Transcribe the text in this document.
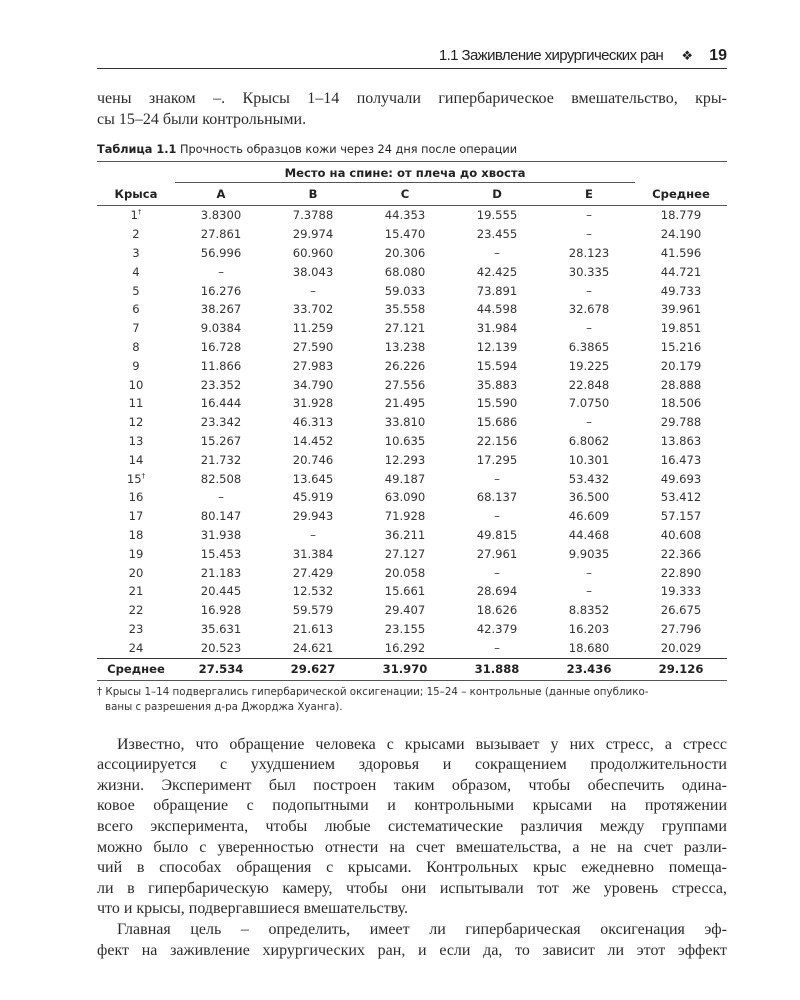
1.1 Заживление хирургических ран ❖ 19
чены знаком –. Крысы 1–14 получали гипербарическое вмешательство, кры-
сы 15–24 были контрольными.
Таблица 1.1 Прочность образцов кожи через 24 дня после операции
	Место на спине: от плеча до хвоста					
Крыса	A	B	C	D	E	Среднее
1†	3.8300	7.3788	44.353	19.555	–	18.779
2	27.861	29.974	15.470	23.455	–	24.190
3	56.996	60.960	20.306	–	28.123	41.596
4	–	38.043	68.080	42.425	30.335	44.721
5	16.276	–	59.033	73.891	–	49.733
6	38.267	33.702	35.558	44.598	32.678	39.961
7	9.0384	11.259	27.121	31.984	–	19.851
8	16.728	27.590	13.238	12.139	6.3865	15.216
9	11.866	27.983	26.226	15.594	19.225	20.179
10	23.352	34.790	27.556	35.883	22.848	28.888
11	16.444	31.928	21.495	15.590	7.0750	18.506
12	23.342	46.313	33.810	15.686	–	29.788
13	15.267	14.452	10.635	22.156	6.8062	13.863
14	21.732	20.746	12.293	17.295	10.301	16.473
15†	82.508	13.645	49.187	–	53.432	49.693
16	–	45.919	63.090	68.137	36.500	53.412
17	80.147	29.943	71.928	–	46.609	57.157
18	31.938	–	36.211	49.815	44.468	40.608
19	15.453	31.384	27.127	27.961	9.9035	22.366
20	21.183	27.429	20.058	–	–	22.890
21	20.445	12.532	15.661	28.694	–	19.333
22	16.928	59.579	29.407	18.626	8.8352	26.675
23	35.631	21.613	23.155	42.379	16.203	27.796
24	20.523	24.621	16.292	–	18.680	20.029
Среднее	27.534	29.627	31.970	31.888	23.436	29.126
† Крысы 1–14 подвергались гипербарической оксигенации; 15–24 – контрольные (данные опублико-
ваны с разрешения д-ра Джорджа Хуанга).
Известно, что обращение человека с крысами вызывает у них стресс, а стресс
ассоциируется с ухудшением здоровья и сокращением продолжительности
жизни. Эксперимент был построен таким образом, чтобы обеспечить одина-
ковое обращение с подопытными и контрольными крысами на протяжении
всего эксперимента, чтобы любые систематические различия между группами
можно было с уверенностью отнести на счет вмешательства, а не на счет разли-
чий в способах обращения с крысами. Контрольных крыс ежедневно помеща-
ли в гипербарическую камеру, чтобы они испытывали тот же уровень стресса,
что и крысы, подвергавшиеся вмешательству.
Главная цель – определить, имеет ли гипербарическая оксигенация эф-
фект на заживление хирургических ран, и если да, то зависит ли этот эффект
